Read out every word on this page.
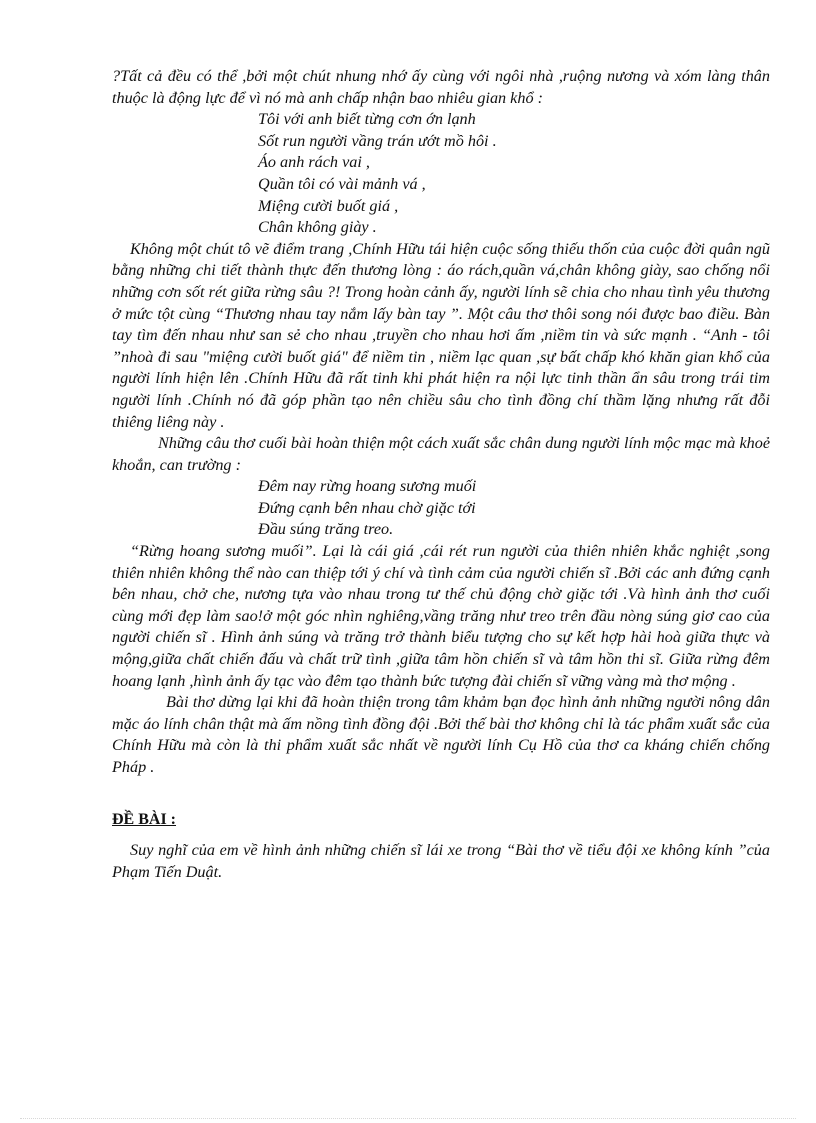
?Tất cả đều có thể ,bởi một chút nhung nhớ ấy cùng với ngôi nhà ,ruộng nương và xóm làng thân thuộc là động lực để vì nó mà anh chấp nhận bao nhiêu gian khổ :

Tôi với anh biết từng cơn ớn lạnh
Sốt run người vầng trán ướt mồ hôi .
Áo anh rách vai ,
Quần tôi có vài mảnh vá ,
Miệng cười buốt giá ,
Chân không giày .

Không một chút tô vẽ điểm trang ,Chính Hữu tái hiện cuộc sống thiếu thốn của cuộc đời quân ngũ bằng những chi tiết thành thực đến thương lòng : áo rách,quần vá,chân không giày, sao chống nổi những cơn sốt rét giữa rừng sâu ?! Trong hoàn cảnh ấy, người lính sẽ chia cho nhau tình yêu thương ở mức tột cùng “Thương nhau tay nắm lấy bàn tay ”. Một câu thơ thôi song nói được bao điều. Bàn tay tìm đến nhau như san sẻ cho nhau ,truyền cho nhau hơi ấm ,niềm tin và sức mạnh . “Anh - tôi ”nhoà đi sau "miệng cười buốt giá" để niềm tin , niềm lạc quan ,sự bất chấp khó khăn gian khổ của người lính hiện lên .Chính Hữu đã rất tinh khi phát hiện ra nội lực tinh thần ẩn sâu trong trái tim người lính .Chính nó đã góp phần tạo nên chiều sâu cho tình đồng chí thầm lặng nhưng rất đỗi thiêng liêng này .

Những câu thơ cuối bài hoàn thiện một cách xuất sắc chân dung người lính mộc mạc mà khoẻ khoắn, can trường :

Đêm nay rừng hoang sương muối
Đứng cạnh bên nhau chờ giặc tới
Đầu súng trăng treo.

“Rừng hoang sương muối”. Lại là cái giá ,cái rét run người của thiên nhiên khắc nghiệt ,song thiên nhiên không thể nào can thiệp tới ý chí và tình cảm của người chiến sĩ .Bởi các anh đứng cạnh bên nhau, chở che, nương tựa vào nhau trong tư thế chủ động chờ giặc tới .Và hình ảnh thơ cuối cùng mới đẹp làm sao!ở một góc nhìn nghiêng,vầng trăng như treo trên đầu nòng súng giơ cao của người chiến sĩ . Hình ảnh súng và trăng trở thành biểu tượng cho sự kết hợp hài hoà giữa thực và mộng,giữa chất chiến đấu và chất trữ tình ,giữa tâm hồn chiến sĩ và tâm hồn thi sĩ. Giữa rừng đêm hoang lạnh ,hình ảnh ấy tạc vào đêm tạo thành bức tượng đài chiến sĩ vững vàng mà thơ mộng .

Bài thơ dừng lại khi đã hoàn thiện trong tâm khảm bạn đọc hình ảnh những người nông dân mặc áo lính chân thật mà ấm nồng tình đồng đội .Bởi thế bài thơ không chỉ là tác phẩm xuất sắc của Chính Hữu mà còn là thi phẩm xuất sắc nhất về người lính Cụ Hồ của thơ ca kháng chiến chống Pháp .

ĐỀ BÀI :

Suy nghĩ của em về hình ảnh những chiến sĩ lái xe trong “Bài thơ về tiểu đội xe không kính ”của Phạm Tiến Duật.
